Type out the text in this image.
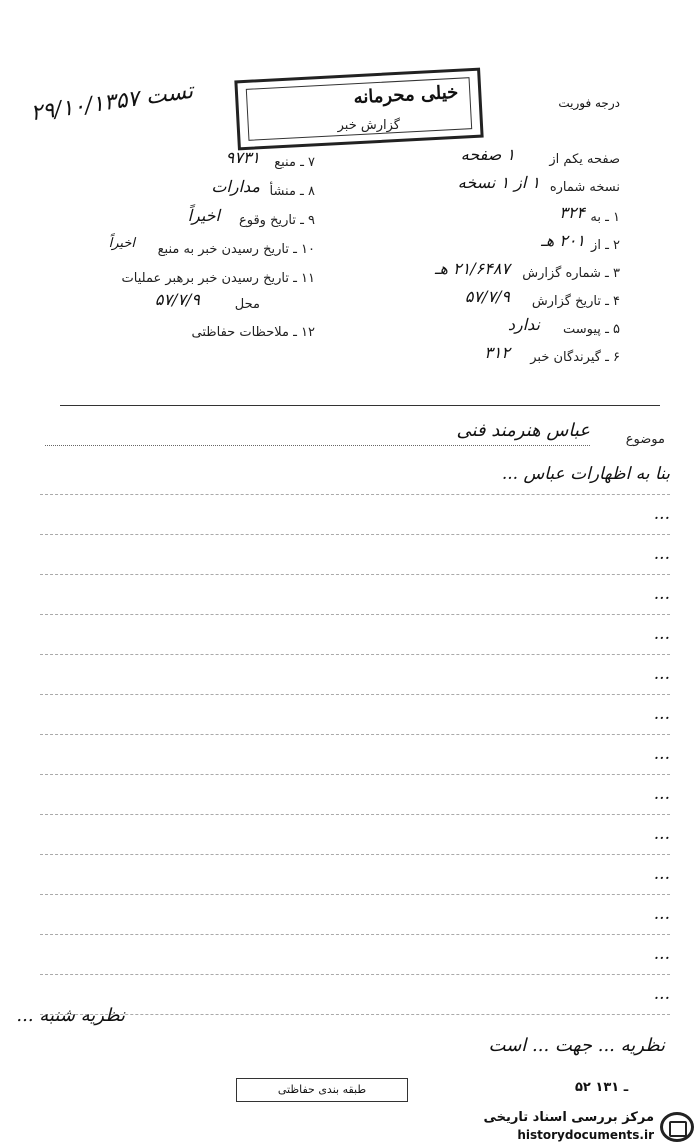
۲۹/۱۰/۱۳۵۷ تست	خیلی محرمانه
گزارش خبر
درجه فوریت
صفحه یکم از
۱ صفحه
نسخه شماره
۱ از ۱ نسخه
۱ ـ به
۳۲۴
۲ ـ از
۲۰۱ هـ
۳ ـ شماره گزارش
۲۱/۶۴۸۷ هـ
۴ ـ تاریخ گزارش
۵۷/۷/۹
۵ ـ پیوست
ندارد
۶ ـ گیرندگان خبر
۳۱۲
۷ ـ منبع
۹۷۳۱
۸ ـ منشأ
مدارات
۹ ـ تاریخ وقوع
اخیراً
۱۰ ـ تاریخ رسیدن خبر به منبع
اخیراً
۱۱ ـ تاریخ رسیدن خبر برهبر عملیات
محل
۵۷/۷/۹
۱۲ ـ ملاحظات حفاظتی
موضوع
عباس هنرمند فنی
بنا به اظهارات عباس ...
...
...
...
...
...
...
...
...
...
...
...
...
...
نظریه شنبه ...
نظریه ... جهت ... است
طبقه بندی حفاظتی	۵۲ ـ ۱۳۱
مرکز بررسی اسناد تاریخی
historydocuments.ir
